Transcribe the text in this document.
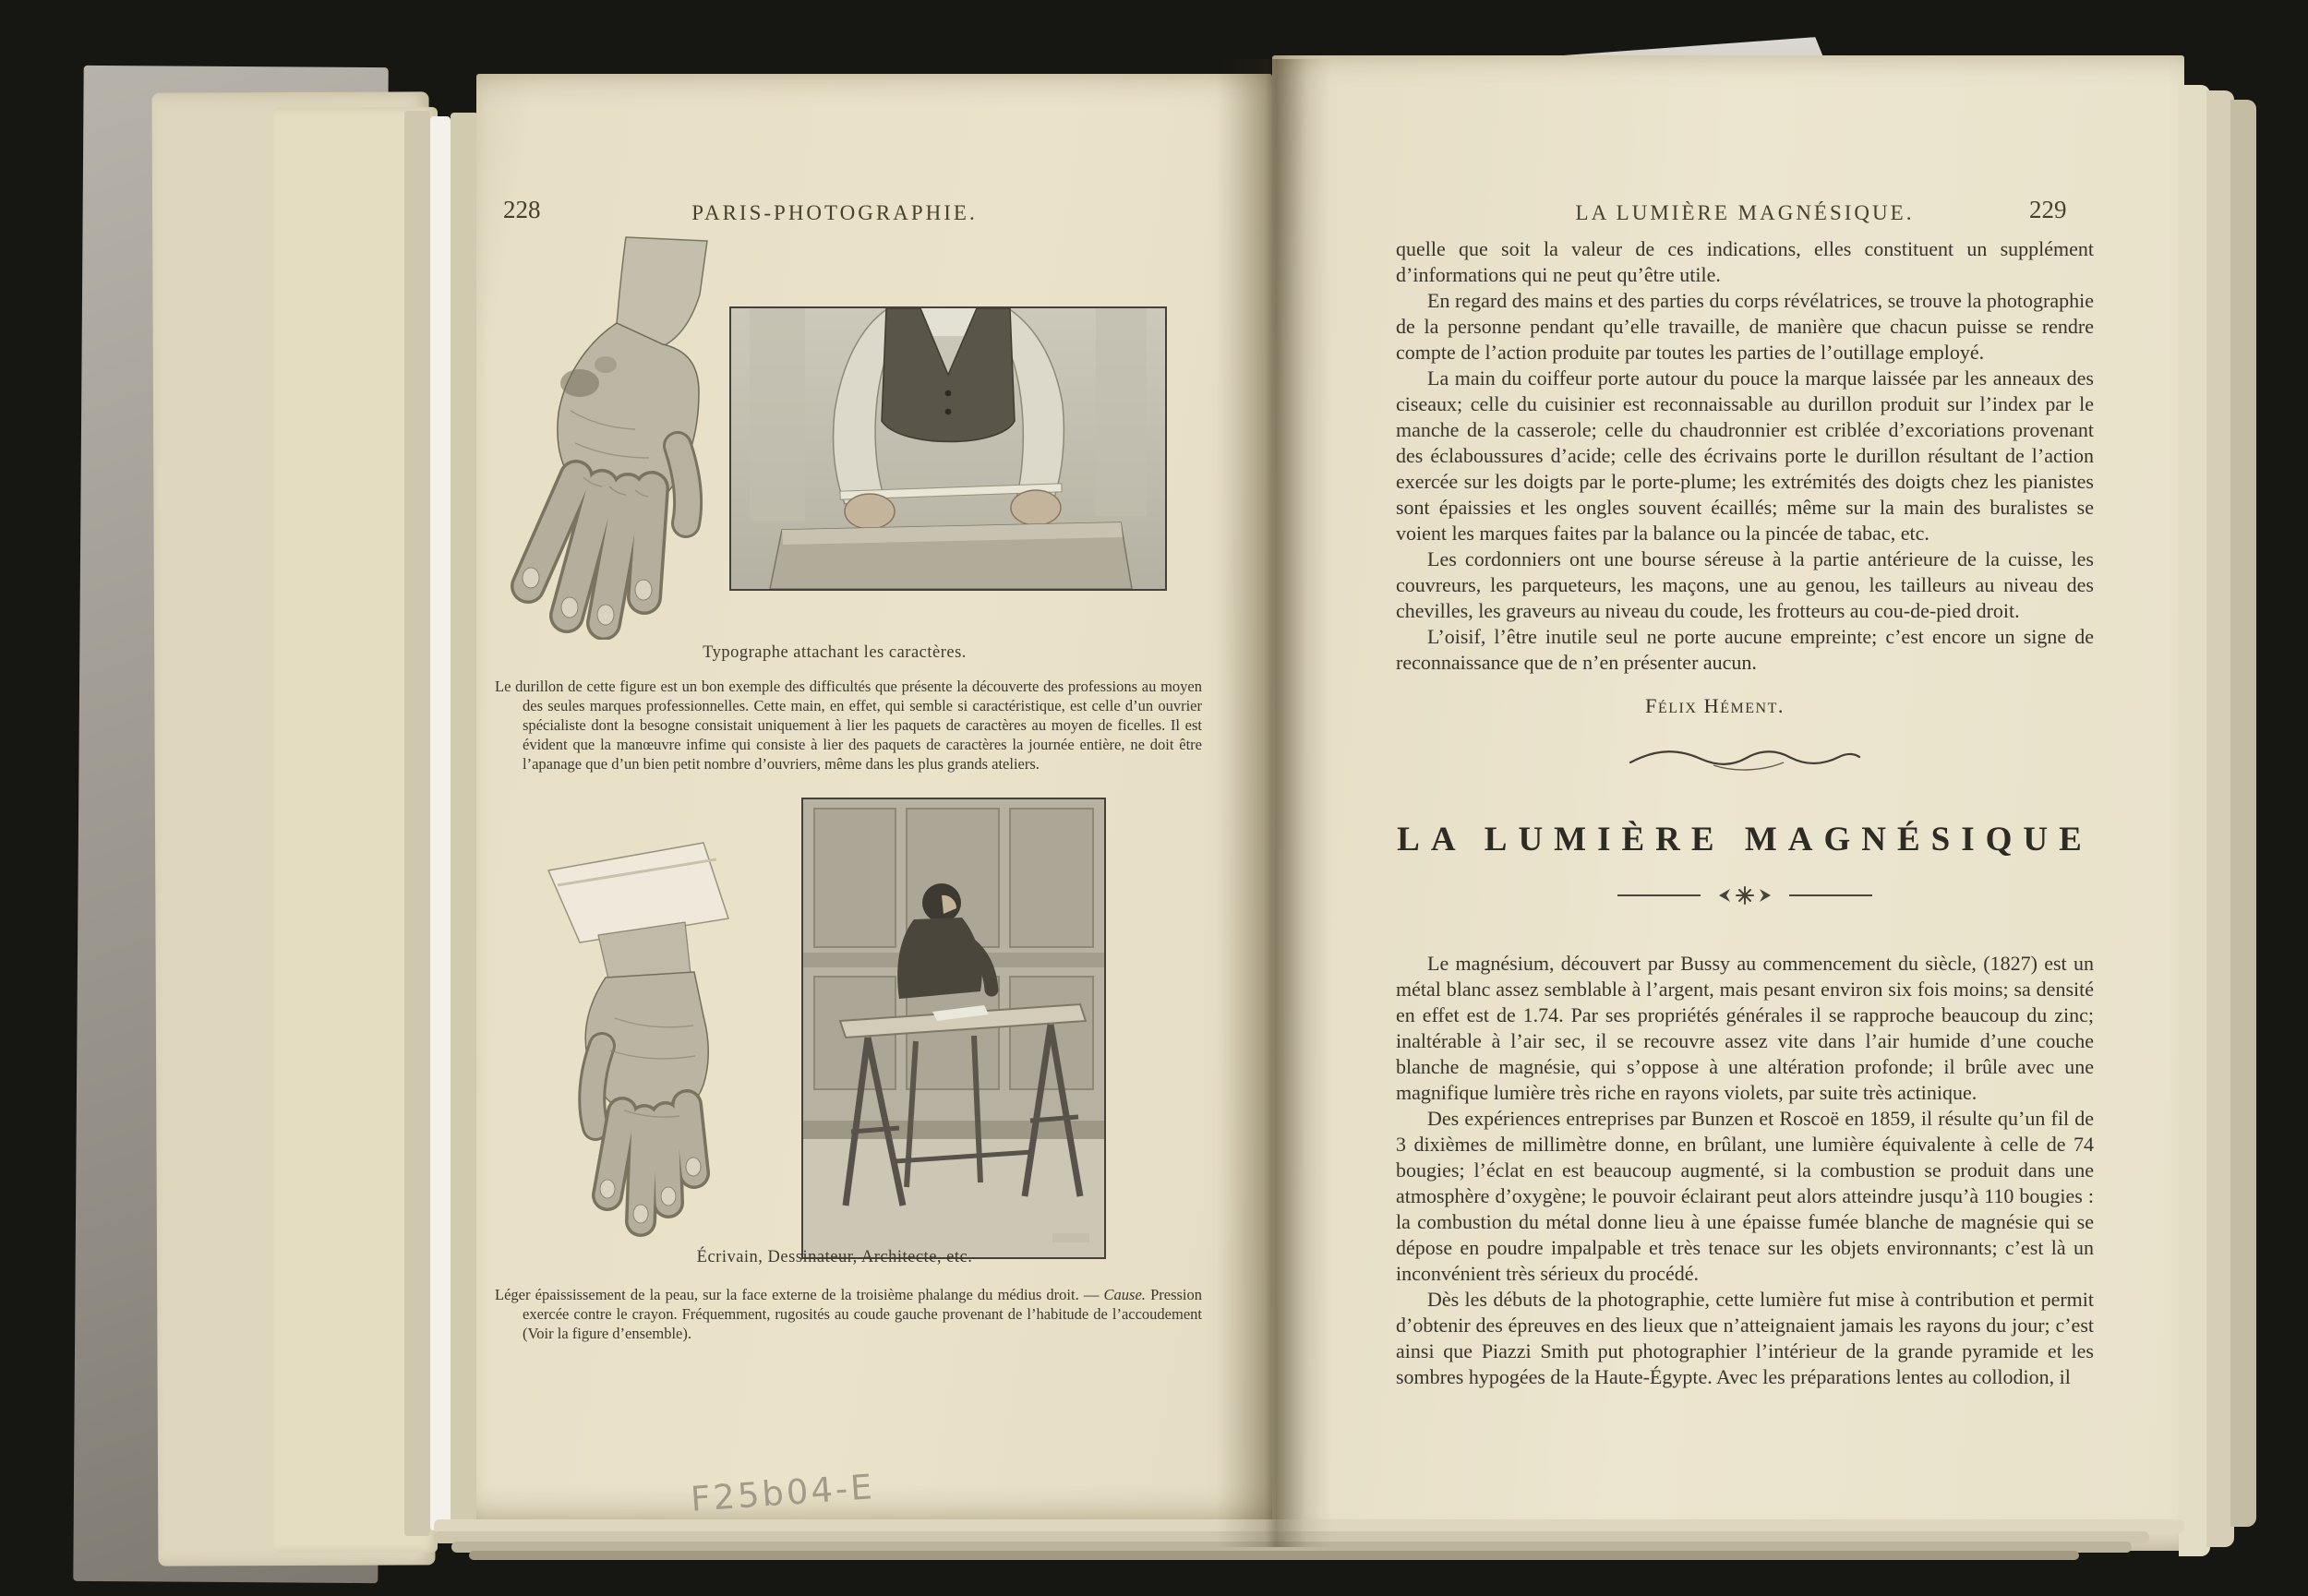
228	PARIS-PHOTOGRAPHIE.
Typographe attachant les caractères.
Le durillon de cette figure est un bon exemple des difficultés que présente la découverte des professions au moyen des seules marques professionnelles. Cette main, en effet, qui semble si caractéristique, est celle d’un ouvrier spécialiste dont la besogne consistait uniquement à lier les paquets de caractères au moyen de ficelles. Il est évident que la manœuvre infime qui consiste à lier des paquets de caractères la journée entière, ne doit être l’apanage que d’un bien petit nombre d’ouvriers, même dans les plus grands ateliers.
Écrivain, Dessinateur, Architecte, etc.
Léger épaississement de la peau, sur la face externe de la troisième phalange du médius droit. — Cause. Pression exercée contre le crayon. Fréquemment, rugosités au coude gauche provenant de l’habitude de l’accoudement (Voir la figure d’ensemble).
LA LUMIÈRE MAGNÉSIQUE.	229

quelle que soit la valeur de ces indications, elles constituent un supplément d’informations qui ne peut qu’être utile.

En regard des mains et des parties du corps révélatrices, se trouve la photographie de la personne pendant qu’elle travaille, de manière que chacun puisse se rendre compte de l’action produite par toutes les parties de l’outillage employé.

La main du coiffeur porte autour du pouce la marque laissée par les anneaux des ciseaux; celle du cuisinier est reconnaissable au durillon produit sur l’index par le manche de la casserole; celle du chaudronnier est criblée d’excoriations provenant des éclaboussures d’acide; celle des écrivains porte le durillon résultant de l’action exercée sur les doigts par le porte-plume; les extrémités des doigts chez les pianistes sont épaissies et les ongles souvent écaillés; même sur la main des buralistes se voient les marques faites par la balance ou la pincée de tabac, etc.

Les cordonniers ont une bourse séreuse à la partie antérieure de la cuisse, les couvreurs, les parqueteurs, les maçons, une au genou, les tailleurs au niveau des chevilles, les graveurs au niveau du coude, les frotteurs au cou-de-pied droit.

L’oisif, l’être inutile seul ne porte aucune empreinte; c’est encore un signe de reconnaissance que de n’en présenter aucun.

Félix Hément.
LA LUMIÈRE MAGNÉSIQUE

Le magnésium, découvert par Bussy au commencement du siècle, (1827) est un métal blanc assez semblable à l’argent, mais pesant environ six fois moins; sa densité en effet est de 1.74. Par ses propriétés générales il se rapproche beaucoup du zinc; inaltérable à l’air sec, il se recouvre assez vite dans l’air humide d’une couche blanche de magnésie, qui s’oppose à une altération profonde; il brûle avec une magnifique lumière très riche en rayons violets, par suite très actinique.

Des expériences entreprises par Bunzen et Roscoë en 1859, il résulte qu’un fil de 3 dixièmes de millimètre donne, en brûlant, une lumière équivalente à celle de 74 bougies; l’éclat en est beaucoup augmenté, si la combustion se produit dans une atmosphère d’oxygène; le pouvoir éclairant peut alors atteindre jusqu’à 110 bougies : la combustion du métal donne lieu à une épaisse fumée blanche de magnésie qui se dépose en poudre impalpable et très tenace sur les objets environnants; c’est là un inconvénient très sérieux du procédé.

Dès les débuts de la photographie, cette lumière fut mise à contribution et permit d’obtenir des épreuves en des lieux que n’atteignaient jamais les rayons du jour; c’est ainsi que Piazzi Smith put photographier l’intérieur de la grande pyramide et les sombres hypogées de la Haute-Égypte. Avec les préparations lentes au collodion, il

F25b04-E
